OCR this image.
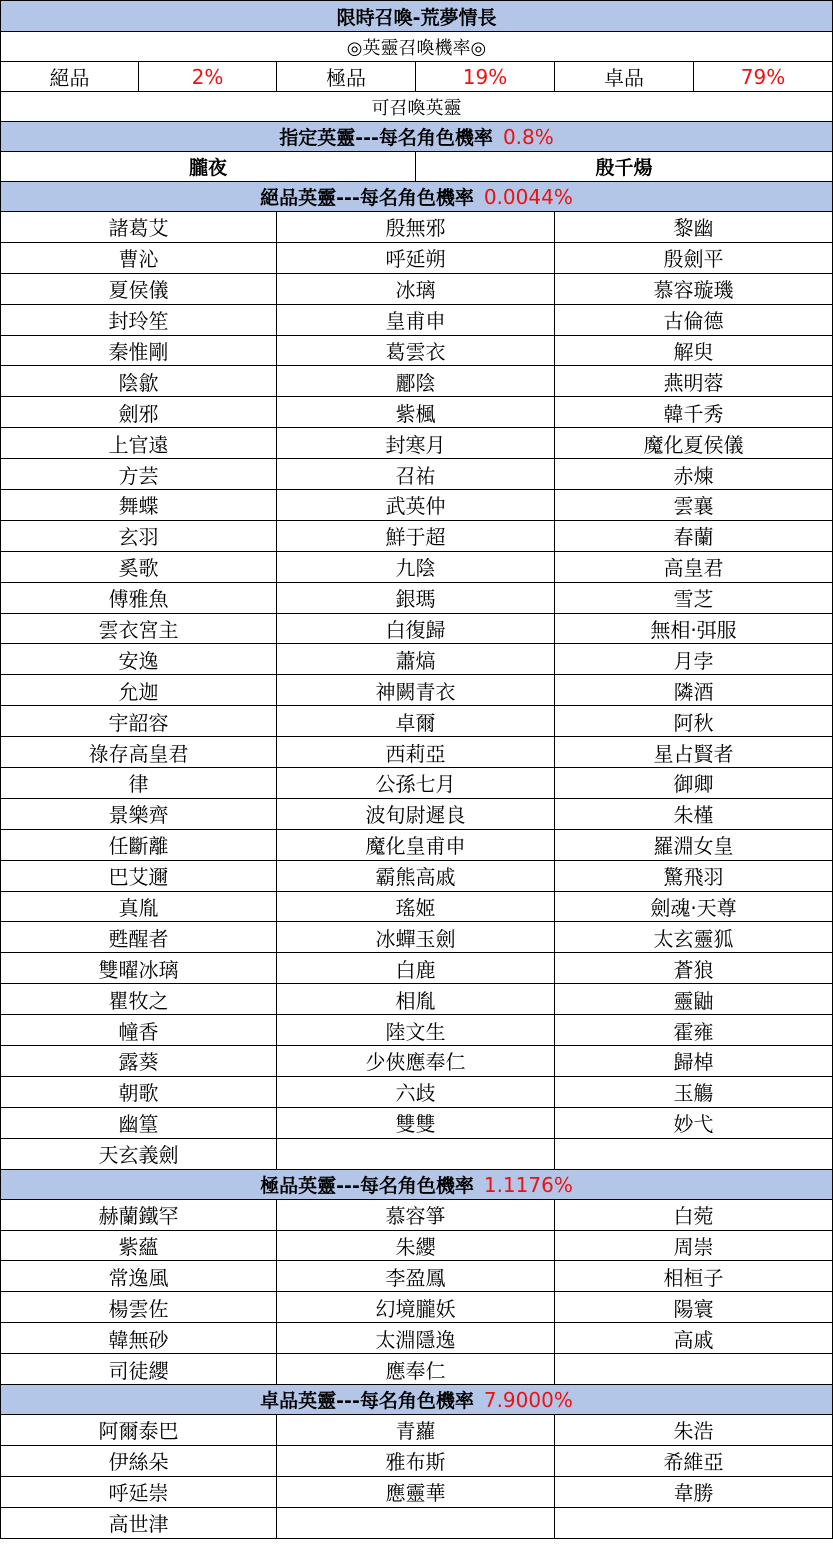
限時召喚-荒夢情長					
◎英靈召喚機率◎					
絕品	2%	極品	19%	卓品	79%
可召喚英靈					
指定英靈---每名角色機率 0.8%					
朧夜			殷千煬		
絕品英靈---每名角色機率 0.0044%					
諸葛艾		殷無邪		黎幽	
曹沁		呼延朔		殷劍平	
夏侯儀		冰璃		慕容璇璣	
封玲笙		皇甫申		古倫德	
秦惟剛		葛雲衣		解臾	
陰歙		酈陰		燕明蓉	
劍邪		紫楓		韓千秀	
上官遠		封寒月		魔化夏侯儀	
方芸		召祐		赤煉	
舞蝶		武英仲		雲襄	
玄羽		鮮于超		春蘭	
奚歌		九陰		高皇君	
傅雅魚		銀瑪		雪芝	
雲衣宮主		白復歸		無相·弭服	
安逸		蕭熇		月孛	
允迦		神闕青衣		隣酒	
宇韶容		卓爾		阿秋	
祿存高皇君		西莉亞		星占賢者	
律		公孫七月		御卿	
景樂齊		波旬尉遲良		朱槿	
任斷離		魔化皇甫申		羅淵女皇	
巴艾邇		霸熊高戚		驚飛羽	
真胤		瑤姬		劍魂·天尊	
甦醒者		冰蟬玉劍		太玄靈狐	
雙曜冰璃		白鹿		蒼狼	
瞿牧之		相胤		靈鼬	
幢香		陸文生		霍雍	
露葵		少俠應奉仁		歸棹	
朝歌		六歧		玉觴	
幽篁		雙雙		妙弋	
天玄義劍					
極品英靈---每名角色機率 1.1176%					
赫蘭鐵罕		慕容箏		白菀	
紫蘊		朱纓		周崇	
常逸風		李盈鳳		相桓子	
楊雲佐		幻境朧妖		陽寰	
韓無砂		太淵隱逸		高戚	
司徒纓		應奉仁			
卓品英靈---每名角色機率 7.9000%					
阿爾泰巴		青蘿		朱浩	
伊絲朵		雅布斯		希維亞	
呼延崇		應靈華		韋勝	
高世津					
